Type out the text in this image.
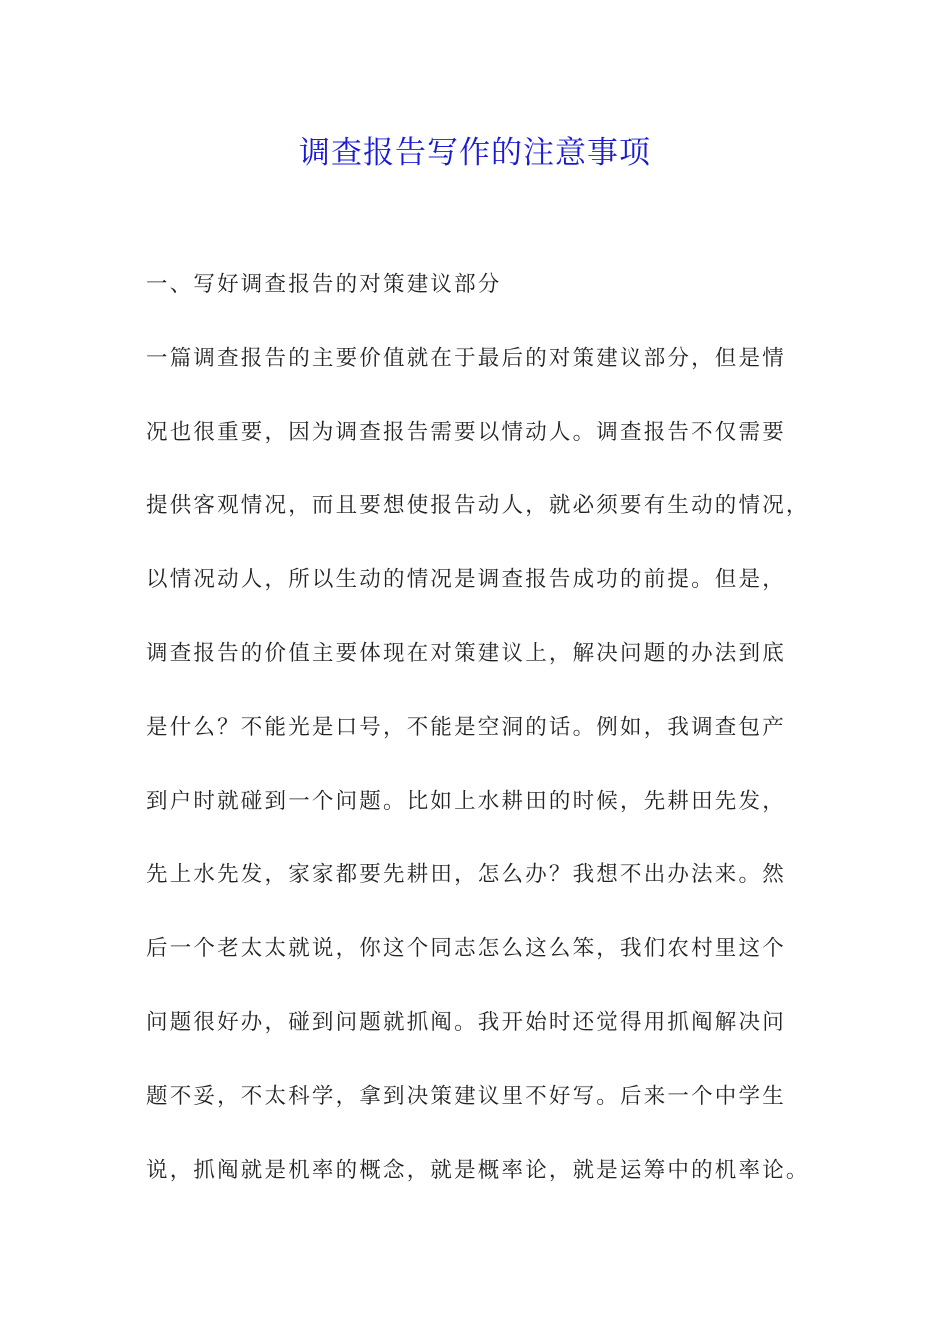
调查报告写作的注意事项
一、写好调查报告的对策建议部分
一篇调查报告的主要价值就在于最后的对策建议部分，但是情
况也很重要，因为调查报告需要以情动人。调查报告不仅需要
提供客观情况，而且要想使报告动人，就必须要有生动的情况，
以情况动人，所以生动的情况是调查报告成功的前提。但是，
调查报告的价值主要体现在对策建议上，解决问题的办法到底
是什么？不能光是口号，不能是空洞的话。例如，我调查包产
到户时就碰到一个问题。比如上水耕田的时候，先耕田先发，
先上水先发，家家都要先耕田，怎么办？我想不出办法来。然
后一个老太太就说，你这个同志怎么这么笨，我们农村里这个
问题很好办，碰到问题就抓阄。我开始时还觉得用抓阄解决问
题不妥，不太科学，拿到决策建议里不好写。后来一个中学生
说，抓阄就是机率的概念，就是概率论，就是运筹中的机率论。
